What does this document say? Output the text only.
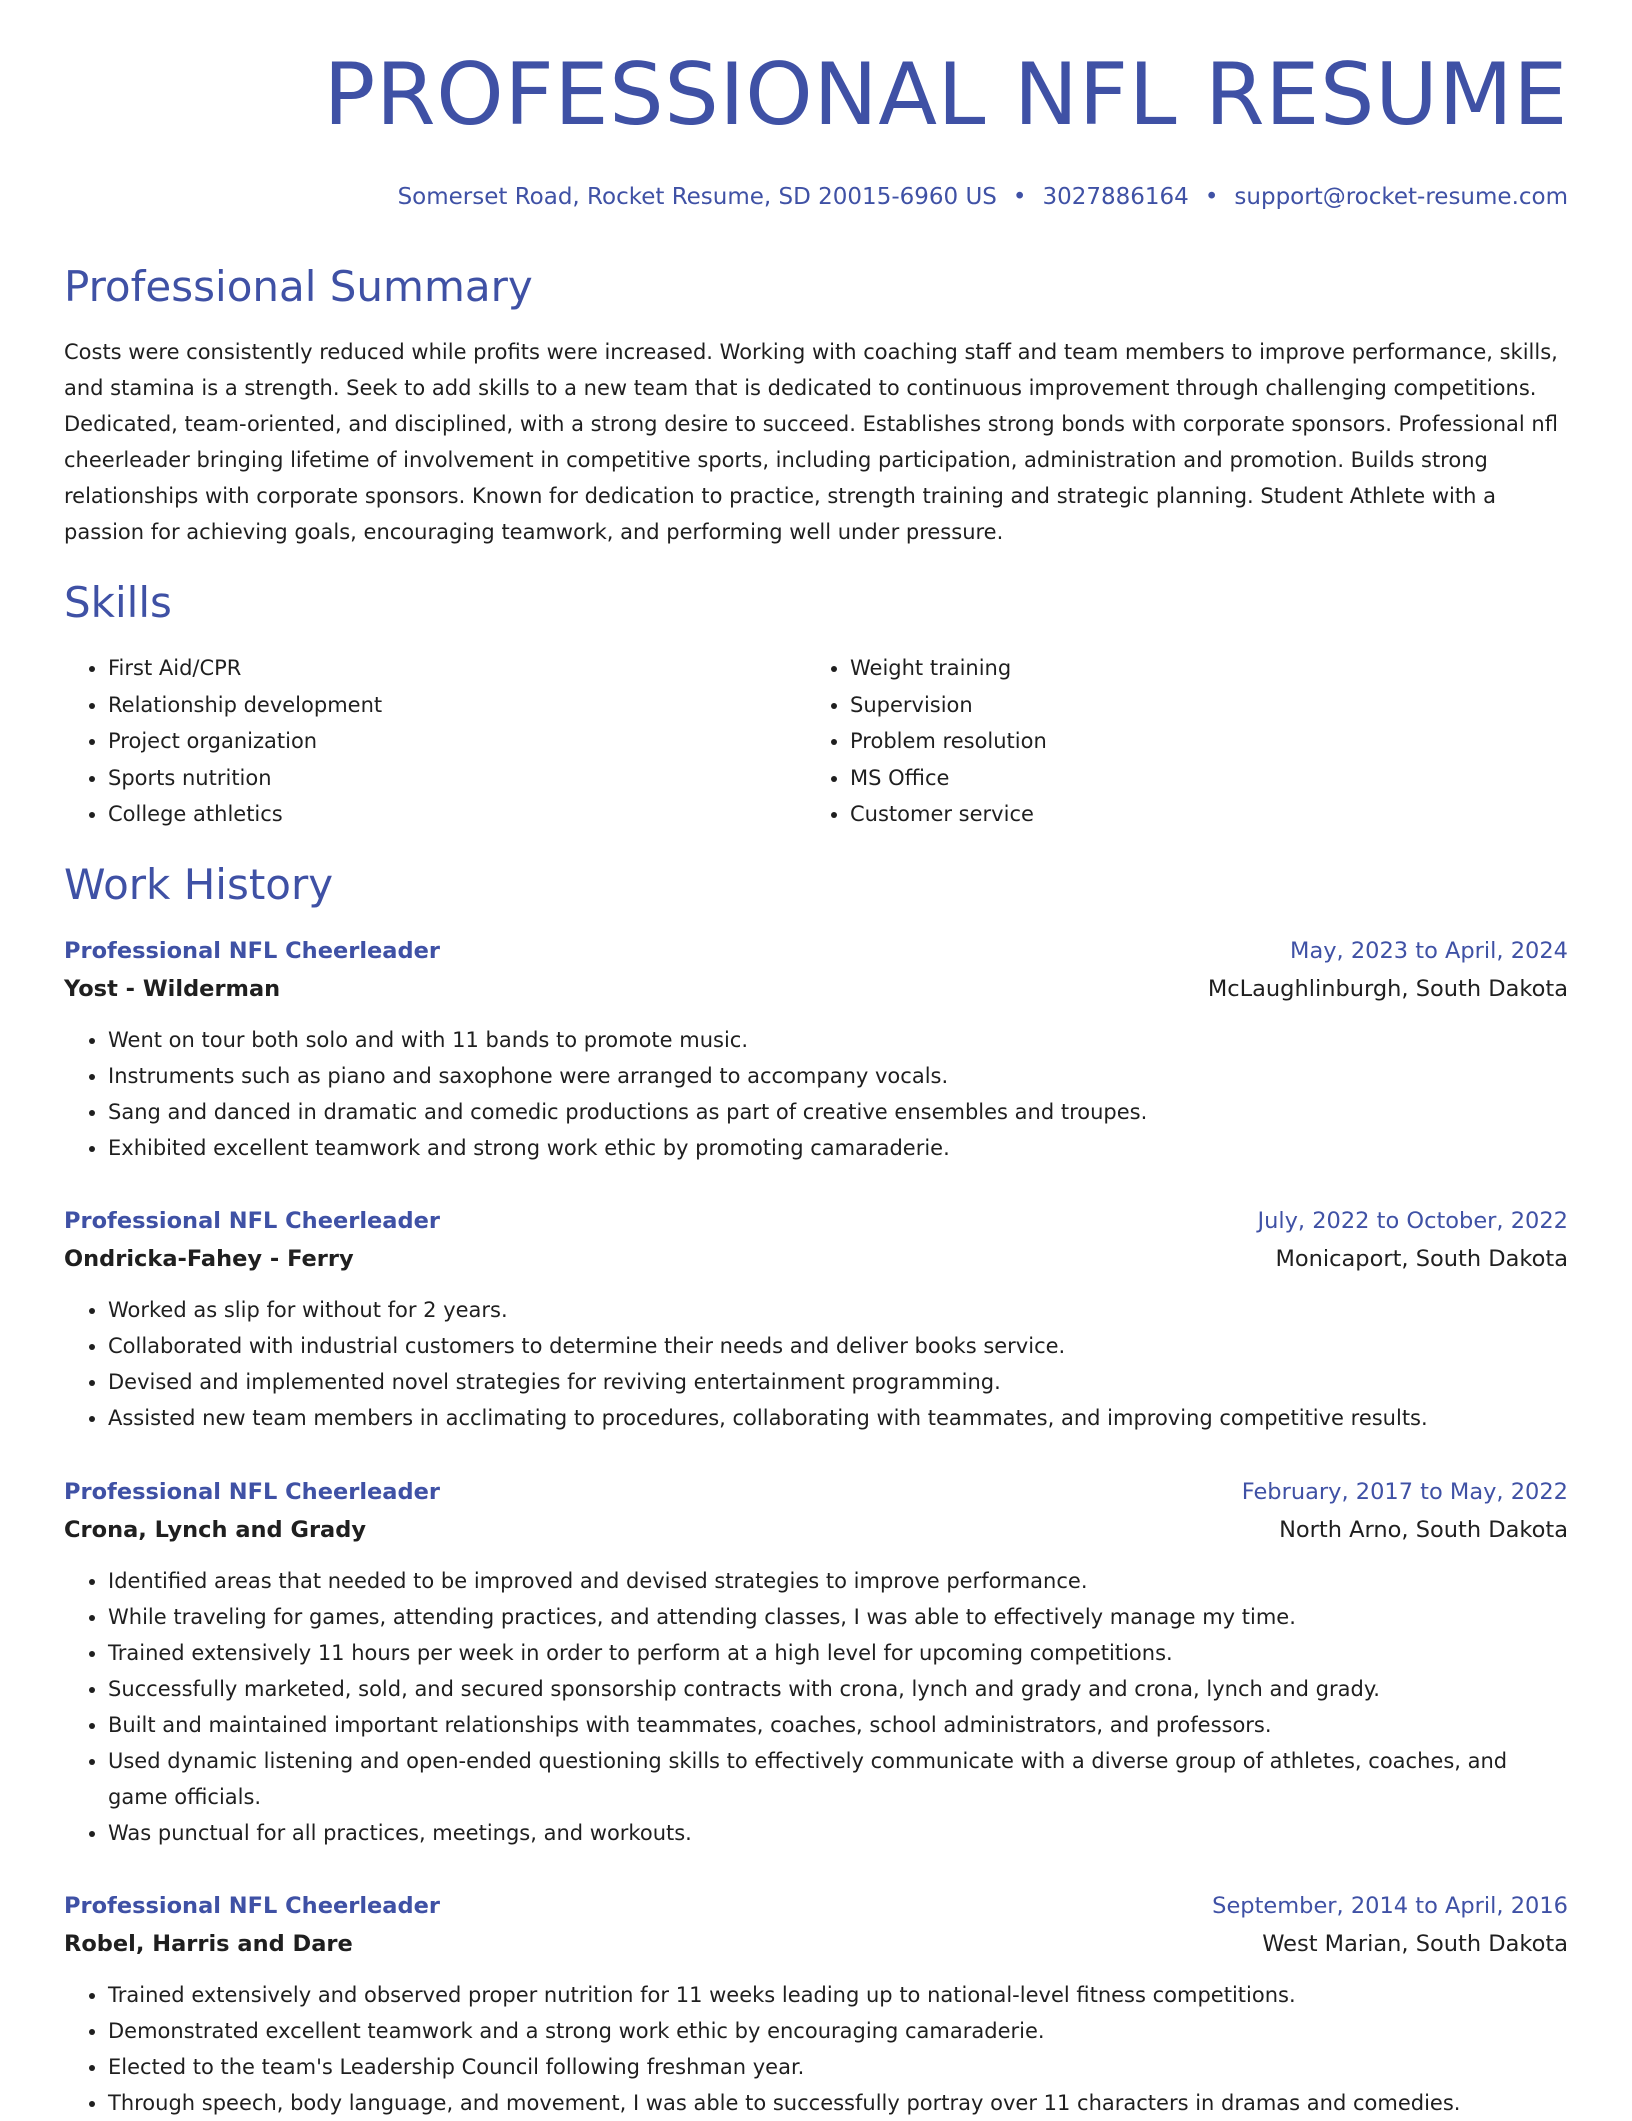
PROFESSIONAL NFL RESUME
Somerset Road, Rocket Resume, SD 20015-6960 US • 3027886164 • support@rocket-resume.com
Professional Summary

Costs were consistently reduced while profits were increased. Working with coaching staff and team members to improve performance, skills, and stamina is a strength. Seek to add skills to a new team that is dedicated to continuous improvement through challenging competitions. Dedicated, team-oriented, and disciplined, with a strong desire to succeed. Establishes strong bonds with corporate sponsors. Professional nfl cheerleader bringing lifetime of involvement in competitive sports, including participation, administration and promotion. Builds strong relationships with corporate sponsors. Known for dedication to practice, strength training and strategic planning. Student Athlete with a passion for achieving goals, encouraging teamwork, and performing well under pressure.

Skills
• First Aid/CPR
• Relationship development
• Project organization
• Sports nutrition
• College athletics
• Weight training
• Supervision
• Problem resolution
• MS Office
• Customer service
Work History
Professional NFL Cheerleader	May, 2023 to April, 2024
Yost - Wilderman	McLaughlinburgh, South Dakota
• Went on tour both solo and with 11 bands to promote music.
• Instruments such as piano and saxophone were arranged to accompany vocals.
• Sang and danced in dramatic and comedic productions as part of creative ensembles and troupes.
• Exhibited excellent teamwork and strong work ethic by promoting camaraderie.
Professional NFL Cheerleader	July, 2022 to October, 2022
Ondricka-Fahey - Ferry	Monicaport, South Dakota
• Worked as slip for without for 2 years.
• Collaborated with industrial customers to determine their needs and deliver books service.
• Devised and implemented novel strategies for reviving entertainment programming.
• Assisted new team members in acclimating to procedures, collaborating with teammates, and improving competitive results.
Professional NFL Cheerleader	February, 2017 to May, 2022
Crona, Lynch and Grady	North Arno, South Dakota
• Identified areas that needed to be improved and devised strategies to improve performance.
• While traveling for games, attending practices, and attending classes, I was able to effectively manage my time.
• Trained extensively 11 hours per week in order to perform at a high level for upcoming competitions.
• Successfully marketed, sold, and secured sponsorship contracts with crona, lynch and grady and crona, lynch and grady.
• Built and maintained important relationships with teammates, coaches, school administrators, and professors.
• Used dynamic listening and open-ended questioning skills to effectively communicate with a diverse group of athletes, coaches, and game officials.
• Was punctual for all practices, meetings, and workouts.
Professional NFL Cheerleader	September, 2014 to April, 2016
Robel, Harris and Dare	West Marian, South Dakota
• Trained extensively and observed proper nutrition for 11 weeks leading up to national-level fitness competitions.
• Demonstrated excellent teamwork and a strong work ethic by encouraging camaraderie.
• Elected to the team's Leadership Council following freshman year.
• Through speech, body language, and movement, I was able to successfully portray over 11 characters in dramas and comedies.
